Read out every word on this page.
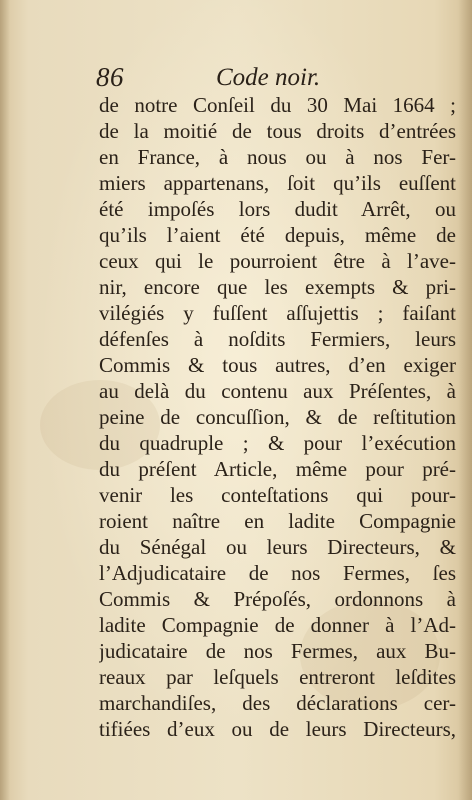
86	Code noir.
de notre Conſeil du 30 Mai 1664 ;
de la moitié de tous droits d’entrées
en France, à nous ou à nos Fer-
miers appartenans, ſoit qu’ils euſſent
été impoſés lors dudit Arrêt, ou
qu’ils l’aient été depuis, même de
ceux qui le pourroient être à l’ave-
nir, encore que les exempts & pri-
vilégiés y fuſſent aſſujettis ; faiſant
défenſes à noſdits Fermiers, leurs
Commis & tous autres, d’en exiger
au delà du contenu aux Préſentes, à
peine de concuſſion, & de reſtitution
du quadruple ; & pour l’exécution
du préſent Article, même pour pré-
venir les conteſtations qui pour-
roient naître en ladite Compagnie
du Sénégal ou leurs Directeurs, &
l’Adjudicataire de nos Fermes, ſes
Commis & Prépoſés, ordonnons à
ladite Compagnie de donner à l’Ad-
judicataire de nos Fermes, aux Bu-
reaux par leſquels entreront leſdites
marchandiſes, des déclarations cer-
tifiées d’eux ou de leurs Directeurs,
